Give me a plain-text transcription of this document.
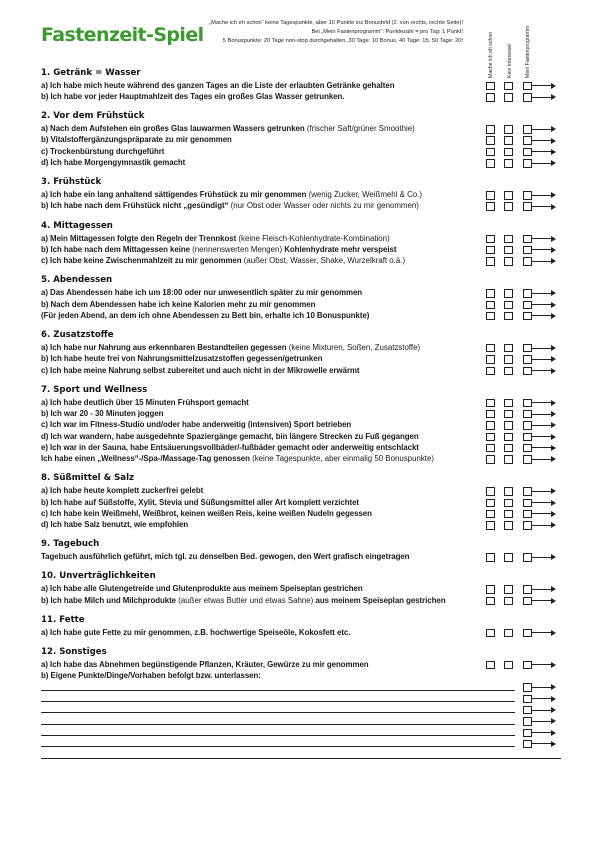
Fastenzeit-Spiel
„Mache ich eh schon“ keine Tagespunkte, aber 10 Punkte ins Bonusfeld (2. von rechts, rechte Seite)!
Bei „Mein Fastenprogramm“: Punktezahl = pro Tag: 1 Punkt!
5 Bonuspunkte: 20 Tage non-stop durchgehalten, 30 Tage: 10 Bonus, 40 Tage: 15, 50 Tage: 20!	Mache ich eh schon	Kein Interesse! Mein Fastenprogramm
1. Getränk = Wasser
a) Ich habe mich heute während des ganzen Tages an die Liste der erlaubten Getränke gehalten
b) Ich habe vor jeder Hauptmahlzeit des Tages ein großes Glas Wasser getrunken.
2. Vor dem Frühstück
a) Nach dem Aufstehen ein großes Glas lauwarmen Wassers getrunken (frischer Saft/grüner Smoothie)
b) Vitalstoffergänzungspräparate zu mir genommen
c) Trockenbürstung durchgeführt
d) Ich habe Morgengymnastik gemacht
3. Frühstück
a) Ich habe ein lang anhaltend sättigendes Frühstück zu mir genommen (wenig Zucker, Weißmehl & Co.)
b) Ich habe nach dem Frühstück nicht „gesündigt“ (nur Obst oder Wasser oder nichts zu mir genommen)
4. Mittagessen
a) Mein Mittagessen folgte den Regeln der Trennkost (keine Fleisch-Kohlenhydrate-Kombination)
b) Ich habe nach dem Mittagessen keine (nennenswerten Mengen) Kohlenhydrate mehr verspeist
c) Ich habe keine Zwischenmahlzeit zu mir genommen (außer Obst, Wasser, Shake, Wurzelkraft o.ä.)
5. Abendessen
a) Das Abendessen habe ich um 18:00 oder nur unwesentlich später zu mir genommen
b) Nach dem Abendessen habe ich keine Kalorien mehr zu mir genommen
(Für jeden Abend, an dem ich ohne Abendessen zu Bett bin, erhalte ich 10 Bonuspunkte)
6. Zusatzstoffe
a) Ich habe nur Nahrung aus erkennbaren Bestandteilen gegessen (keine Mixturen, Soßen, Zusatzstoffe)
b) Ich habe heute frei von Nahrungsmittelzusatzstoffen gegessen/getrunken
c) Ich habe meine Nahrung selbst zubereitet und auch nicht in der Mikrowelle erwärmt
7. Sport und Wellness
a) Ich habe deutlich über 15 Minuten Frühsport gemacht
b) Ich war 20 - 30 Minuten joggen
c) Ich war im Fitness-Studio und/oder habe anderweitig (intensiven) Sport betrieben
d) Ich war wandern, habe ausgedehnte Spaziergänge gemacht, bin längere Strecken zu Fuß gegangen
e) Ich war in der Sauna, habe Entsäuerungsvollbäder/-fußbäder gemacht oder anderweitig entschlackt
Ich habe einen „Wellness“-/Spa-/Massage-Tag genossen (keine Tagespunkte, aber einmalig 50 Bonuspunkte)
8. Süßmittel & Salz
a) Ich habe heute komplett zuckerfrei gelebt
b) Ich habe auf Süßstoffe, Xylit, Stevia und Süßungsmittel aller Art komplett verzichtet
c) Ich habe kein Weißmehl, Weißbrot, keinen weißen Reis, keine weißen Nudeln gegessen
d) Ich habe Salz benutzt, wie empfohlen
9. Tagebuch
Tagebuch ausführlich geführt, mich tgl. zu denselben Bed. gewogen, den Wert grafisch eingetragen
10. Unverträglichkeiten
a) Ich habe alle Glutengetreide und Glutenprodukte aus meinem Speiseplan gestrichen
b) Ich habe Milch und Milchprodukte (außer etwas Butter und etwas Sahne) aus meinem Speiseplan gestrichen
11. Fette
a) Ich habe gute Fette zu mir genommen, z.B. hochwertige Speiseöle, Kokosfett etc.
12. Sonstiges
a) Ich habe das Abnehmen begünstigende Pflanzen, Kräuter, Gewürze zu mir genommen
b) Eigene Punkte/Dinge/Vorhaben befolgt bzw. unterlassen:
